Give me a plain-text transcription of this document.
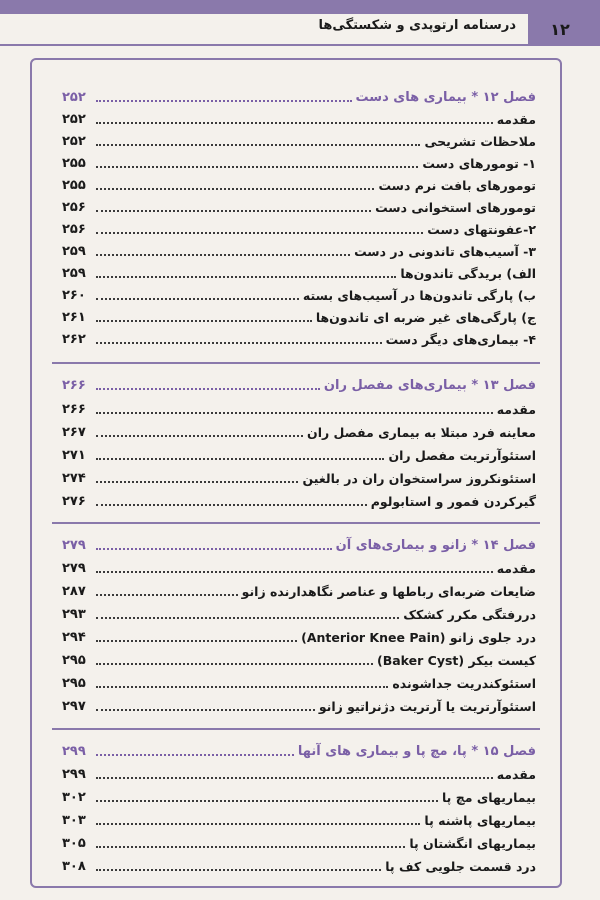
۱۲
درسنامه ارتوپدی و شکستگی‌ها
فصل ۱۲ * بیماری های دست
۲۵۲
مقدمه
۲۵۲
ملاحظات تشریحی
۲۵۲
۱- تومورهای دست
۲۵۵
تومورهای بافت نرم دست
۲۵۵
تومورهای استخوانی دست
۲۵۶
۲-عفونتهای دست
۲۵۶
۳- آسیب‌های تاندونی در دست
۲۵۹
الف) بریدگی تاندون‌ها
۲۵۹
ب) پارگی تاندون‌ها در آسیب‌های بسته
۲۶۰
ج) پارگی‌های غیر ضربه ای تاندون‌ها
۲۶۱
۴- بیماری‌های دیگر دست
۲۶۲
فصل ۱۳ * بیماری‌های مفصل ران
۲۶۶
مقدمه
۲۶۶
معاینه فرد مبتلا به بیماری مفصل ران
۲۶۷
استئوآرتریت مفصل ران
۲۷۱
استئونکروز سراستخوان ران در بالغین
۲۷۴
گیرکردن فمور و استابولوم
۲۷۶
فصل ۱۴ * زانو و بیماری‌های آن
۲۷۹
مقدمه
۲۷۹
ضایعات ضربه‌ای رباطها و عناصر نگاهدارنده زانو
۲۸۷
دررفتگی مکرر کشکک
۲۹۳
درد جلوی زانو (Anterior Knee Pain)
۲۹۴
کیست بیکر (Baker Cyst)
۲۹۵
استئوکندریت جداشونده
۲۹۵
استئوآرتریت یا آرتریت دژنراتیو زانو
۲۹۷
فصل ۱۵ * پا، مچ پا و بیماری های آنها
۲۹۹
مقدمه
۲۹۹
بیماریهای مچ پا
۳۰۲
بیماریهای پاشنه پا
۳۰۳
بیماریهای انگشتان پا
۳۰۵
درد قسمت جلویی کف پا
۳۰۸
